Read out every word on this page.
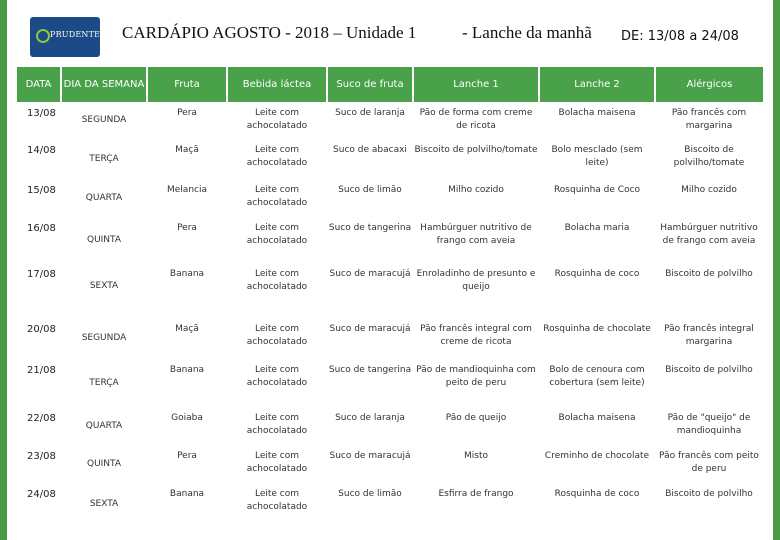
PRUDENTE CARDÁPIO AGOSTO - 2018 – Unidade 1	- Lanche da manhã DE: 13/08 a 24/08
DATA	DIA DA SEMANA	Fruta	Bebida láctea	Suco de fruta	Lanche 1	Lanche 2	Alérgicos
13/08	SEGUNDA	Pera	Leite com achocolatado	Suco de laranja	Pão de forma com creme de ricota	Bolacha maisena	Pão francês com margarina
14/08	TERÇA	Maçã	Leite com achocolatado	Suco de abacaxi	Biscoito de polvilho/tomate	Bolo mesclado (sem leite)	Biscoito de polvilho/tomate
15/08	QUARTA	Melancia	Leite com achocolatado	Suco de limão	Milho cozido	Rosquinha de Coco	Milho cozido
16/08	QUINTA	Pera	Leite com achocolatado	Suco de tangerina	Hambúrguer nutritivo de frango com aveia	Bolacha maria	Hambúrguer nutritivo de frango com aveia
17/08	SEXTA	Banana	Leite com achocolatado	Suco de maracujá	Enroladinho de presunto e queijo	Rosquinha de coco	Biscoito de polvilho
20/08	SEGUNDA	Maçã	Leite com achocolatado	Suco de maracujá	Pão francês integral com creme de ricota	Rosquinha de chocolate	Pão francês integral margarina
21/08	TERÇA	Banana	Leite com achocolatado	Suco de tangerina	Pão de mandioquinha com peito de peru	Bolo de cenoura com cobertura (sem leite)	Biscoito de polvilho
22/08	QUARTA	Goiaba	Leite com achocolatado	Suco de laranja	Pão de queijo	Bolacha maisena	Pão de "queijo" de mandioquinha
23/08	QUINTA	Pera	Leite com achocolatado	Suco de maracujá	Misto	Creminho de chocolate	Pão francês com peito de peru
24/08	SEXTA	Banana	Leite com achocolatado	Suco de limão	Esfirra de frango	Rosquinha de coco	Biscoito de polvilho
